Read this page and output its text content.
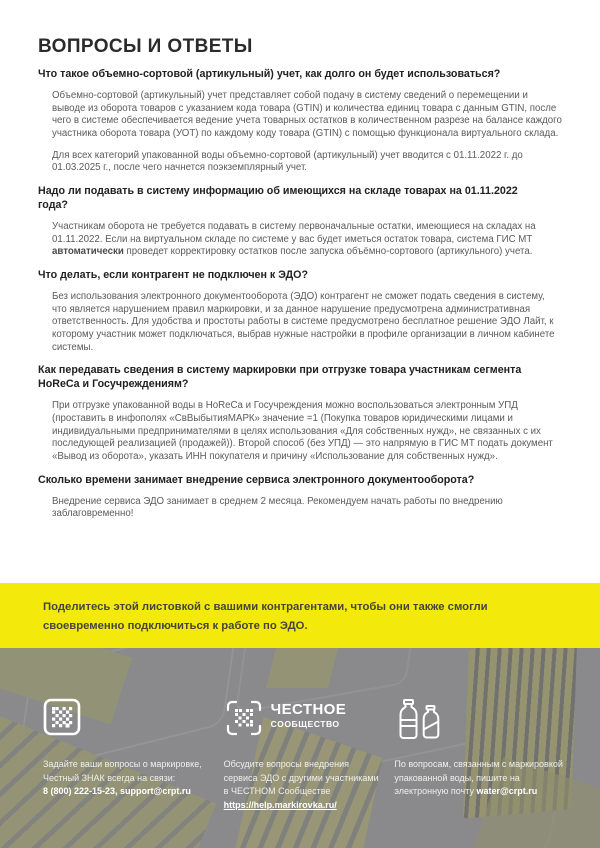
ВОПРОСЫ И ОТВЕТЫ
Что такое объемно-сортовой (артикульный) учет, как долго он будет использоваться?
Объемно-сортовой (артикульный) учет представляет собой подачу в систему сведений о перемещении и выводе из оборота товаров с указанием кода товара (GTIN) и количества единиц товара с данным GTIN, после чего в системе обеспечивается ведение учета товарных остатков в количественном разрезе на балансе каждого участника оборота товара (УОТ) по каждому коду товара (GTIN) с помощью функционала виртуального склада.
Для всех категорий упакованной воды объемно-сортовой (артикульный) учет вводится с 01.11.2022 г. до 01.03.2025 г., после чего начнется поэкземплярный учет.
Надо ли подавать в систему информацию об имеющихся на складе товарах на 01.11.2022 года?
Участникам оборота не требуется подавать в систему первоначальные остатки, имеющиеся на складах на 01.11.2022. Если на виртуальном складе по системе у вас будет иметься остаток товара, система ГИС МТ автоматически проведет корректировку остатков после запуска объёмно-сортового (артикульного) учета.
Что делать, если контрагент не подключен к ЭДО?
Без использования электронного документооборота (ЭДО) контрагент не сможет подать сведения в систему, что является нарушением правил маркировки, и за данное нарушение предусмотрена административная ответственность. Для удобства и простоты работы в системе предусмотрено бесплатное решение ЭДО Лайт, к которому участник может подключаться, выбрав нужные настройки в профиле организации в личном кабинете системы.
Как передавать сведения в систему маркировки при отгрузке товара участникам сегмента HoReCa и Госучреждениям?
При отгрузке упакованной воды в HoReCa и Госучреждения можно воспользоваться электронным УПД (проставить в инфополях «СвВыбытияМАРК» значение =1 (Покупка товаров юридическими лицами и индивидуальными предпринимателями в целях использования «Для собственных нужд», не связанных с их последующей реализацией (продажей)). Второй способ (без УПД) — это напрямую в ГИС МТ подать документ «Вывод из оборота», указать ИНН покупателя и причину «Использование для собственных нужд».
Сколько времени занимает внедрение сервиса электронного документооборота?
Внедрение сервиса ЭДО занимает в среднем 2 месяца. Рекомендуем начать работы по внедрению заблаговременно!

Поделитесь этой листовкой с вашими контрагентами, чтобы они также смогли своевременно подключиться к работе по ЭДО.

Задайте ваши вопросы о маркировке,
Честный ЗНАК всегда на связи:
8 (800) 222-15-23, support@crpt.ru
ЧЕСТНОЕ
СООБЩЕСТВО
Обсудите вопросы внедрения
сервиса ЭДО с другими участниками
в ЧЕСТНОМ Сообществе
https://help.markirovka.ru/
По вопросам, связанным с маркировкой
упакованной воды, пишите на
электронную почту water@crpt.ru
